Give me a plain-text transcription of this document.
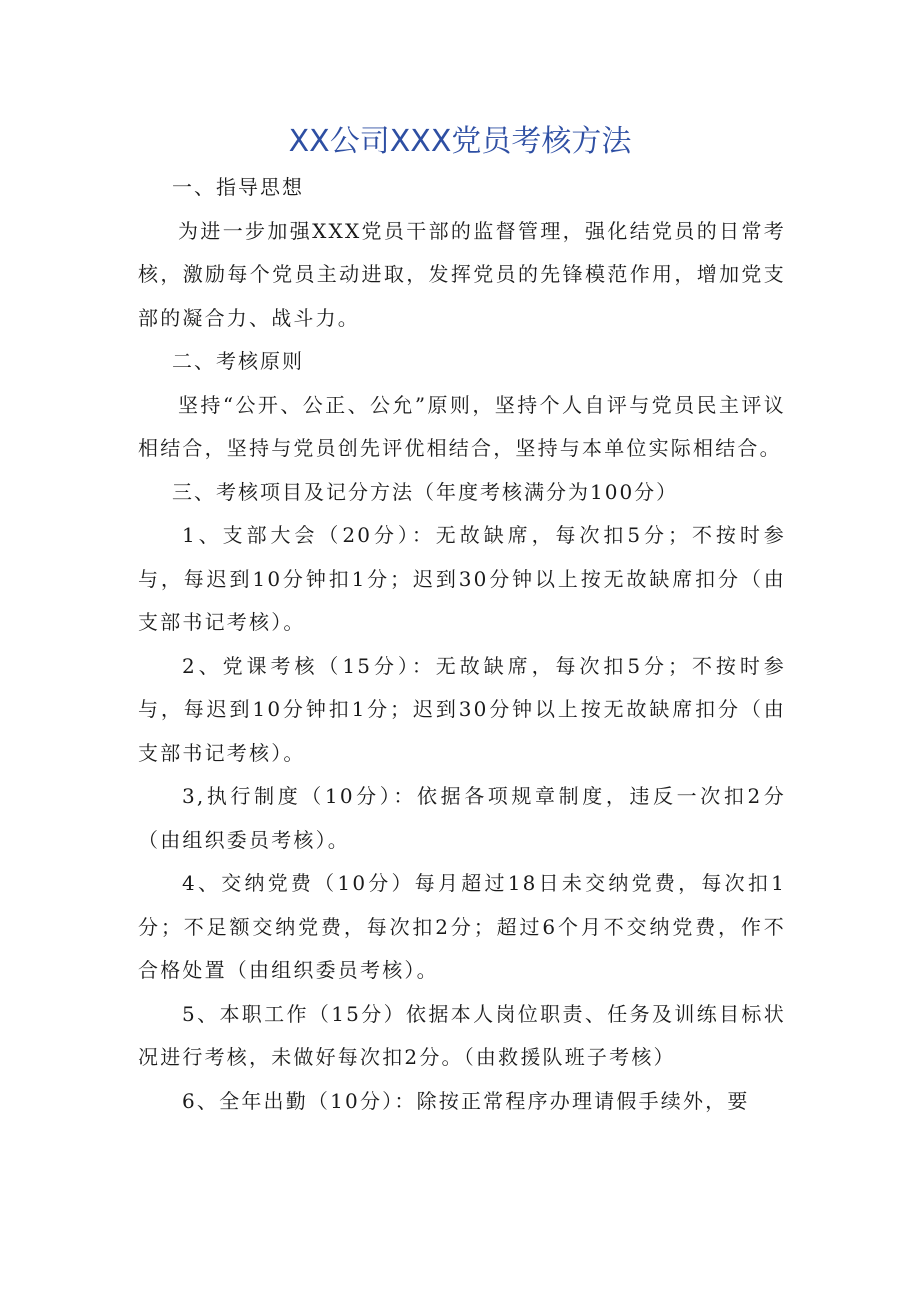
XX公司XXX党员考核方法

一、指导思想

为进一步加强XXX党员干部的监督管理，强化结党员的日常考核，激励每个党员主动进取，发挥党员的先锋模范作用，增加党支部的凝合力、战斗力。

二、考核原则

坚持“公开、公正、公允”原则，坚持个人自评与党员民主评议相结合，坚持与党员创先评优相结合，坚持与本单位实际相结合。

三、考核项目及记分方法（年度考核满分为100分）

1、支部大会（20分）：无故缺席，每次扣5分；不按时参与，每迟到10分钟扣1分；迟到30分钟以上按无故缺席扣分（由支部书记考核）。

2、党课考核（15分）：无故缺席，每次扣5分；不按时参与，每迟到10分钟扣1分；迟到30分钟以上按无故缺席扣分（由支部书记考核）。

3,执行制度（10分）：依据各项规章制度，违反一次扣2分（由组织委员考核）。

4、交纳党费（10分）每月超过18日未交纳党费，每次扣1分；不足额交纳党费，每次扣2分；超过6个月不交纳党费，作不合格处置（由组织委员考核）。

5、本职工作（15分）依据本人岗位职责、任务及训练目标状况进行考核，未做好每次扣2分。（由救援队班子考核）

6、全年出勤（10分）：除按正常程序办理请假手续外，要
